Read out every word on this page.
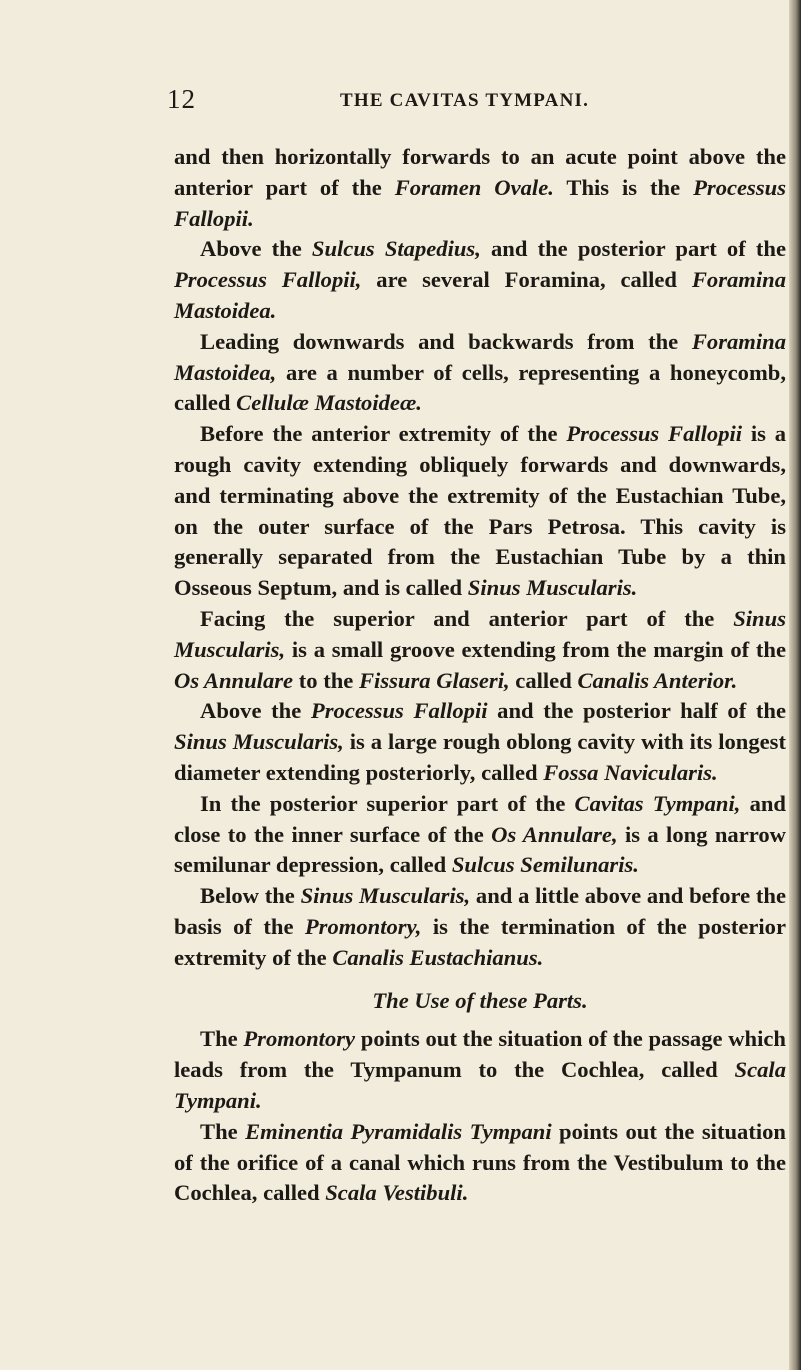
12	THE CAVITAS TYMPANI.

and then horizontally forwards to an acute point above the anterior part of the Foramen Ovale. This is the Processus Fallopii.

Above the Sulcus Stapedius, and the posterior part of the Processus Fallopii, are several Foramina, called Foramina Mastoidea.

Leading downwards and backwards from the Foramina Mastoidea, are a number of cells, representing a honeycomb, called Cellulæ Mastoideæ.

Before the anterior extremity of the Processus Fallopii is a rough cavity extending obliquely forwards and downwards, and terminating above the extremity of the Eustachian Tube, on the outer surface of the Pars Petrosa. This cavity is generally separated from the Eustachian Tube by a thin Osseous Septum, and is called Sinus Muscularis.

Facing the superior and anterior part of the Sinus Muscularis, is a small groove extending from the margin of the Os Annulare to the Fissura Glaseri, called Canalis Anterior.

Above the Processus Fallopii and the posterior half of the Sinus Muscularis, is a large rough oblong cavity with its longest diameter extending posteriorly, called Fossa Navicularis.

In the posterior superior part of the Cavitas Tympani, and close to the inner surface of the Os Annulare, is a long narrow semilunar depression, called Sulcus Semilunaris.

Below the Sinus Muscularis, and a little above and before the basis of the Promontory, is the termination of the posterior extremity of the Canalis Eustachianus.

The Use of these Parts.

The Promontory points out the situation of the passage which leads from the Tympanum to the Cochlea, called Scala Tympani.

The Eminentia Pyramidalis Tympani points out the situation of the orifice of a canal which runs from the Vestibulum to the Cochlea, called Scala Vestibuli.
